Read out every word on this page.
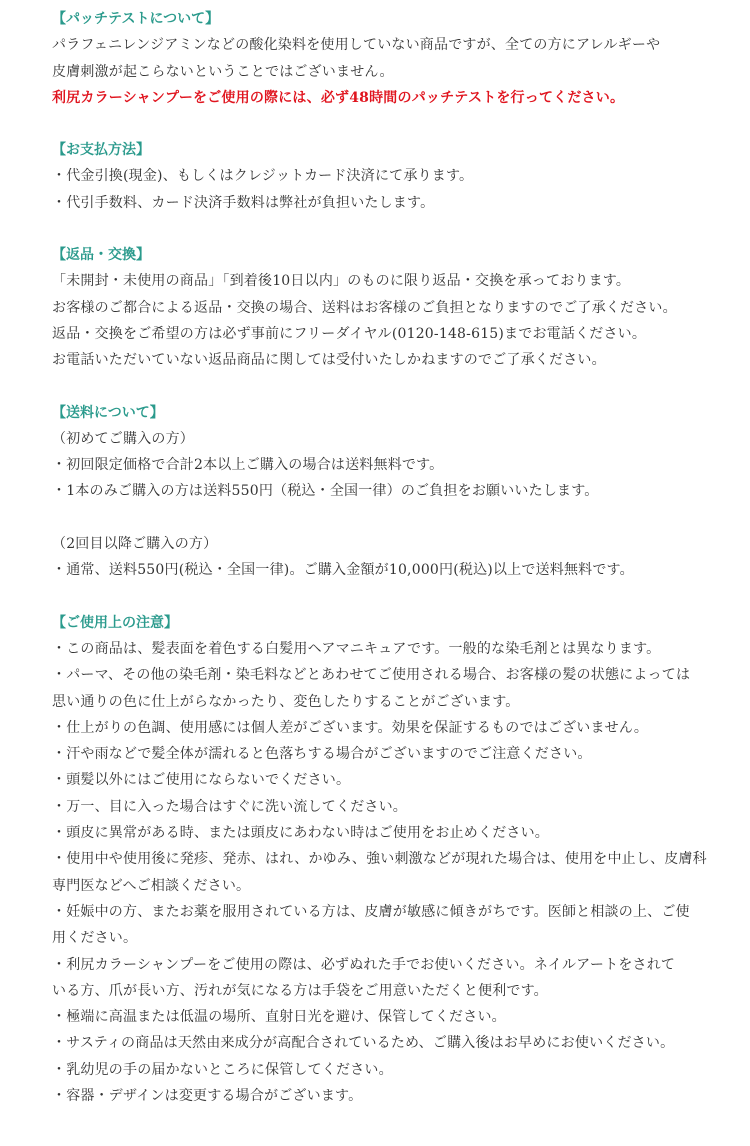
【パッチテストについて】

パラフェニレンジアミンなどの酸化染料を使用していない商品ですが、全ての方にアレルギーや

皮膚刺激が起こらないということではございません。

利尻カラーシャンプーをご使用の際には、必ず48時間のパッチテストを行ってください。

【お支払方法】

・代金引換(現金)、もしくはクレジットカード決済にて承ります。

・代引手数料、カード決済手数料は弊社が負担いたします。

【返品・交換】

「未開封・未使用の商品」「到着後10日以内」のものに限り返品・交換を承っております。

お客様のご都合による返品・交換の場合、送料はお客様のご負担となりますのでご了承ください。

返品・交換をご希望の方は必ず事前にフリーダイヤル(0120-148-615)までお電話ください。

お電話いただいていない返品商品に関しては受付いたしかねますのでご了承ください。

【送料について】

（初めてご購入の方）

・初回限定価格で合計2本以上ご購入の場合は送料無料です。

・1本のみご購入の方は送料550円（税込・全国一律）のご負担をお願いいたします。

（2回目以降ご購入の方）

・通常、送料550円(税込・全国一律)。ご購入金額が10,000円(税込)以上で送料無料です。

【ご使用上の注意】

・この商品は、髪表面を着色する白髪用ヘアマニキュアです。一般的な染毛剤とは異なります。

・パーマ、その他の染毛剤・染毛料などとあわせてご使用される場合、お客様の髪の状態によっては

思い通りの色に仕上がらなかったり、変色したりすることがございます。

・仕上がりの色調、使用感には個人差がございます。効果を保証するものではございません。

・汗や雨などで髪全体が濡れると色落ちする場合がございますのでご注意ください。

・頭髪以外にはご使用にならないでください。

・万一、目に入った場合はすぐに洗い流してください。

・頭皮に異常がある時、または頭皮にあわない時はご使用をお止めください。

・使用中や使用後に発疹、発赤、はれ、かゆみ、強い刺激などが現れた場合は、使用を中止し、皮膚科

専門医などへご相談ください。

・妊娠中の方、またお薬を服用されている方は、皮膚が敏感に傾きがちです。医師と相談の上、ご使

用ください。

・利尻カラーシャンプーをご使用の際は、必ずぬれた手でお使いください。ネイルアートをされて

いる方、爪が長い方、汚れが気になる方は手袋をご用意いただくと便利です。

・極端に高温または低温の場所、直射日光を避け、保管してください。

・サスティの商品は天然由来成分が高配合されているため、ご購入後はお早めにお使いください。

・乳幼児の手の届かないところに保管してください。

・容器・デザインは変更する場合がございます。
